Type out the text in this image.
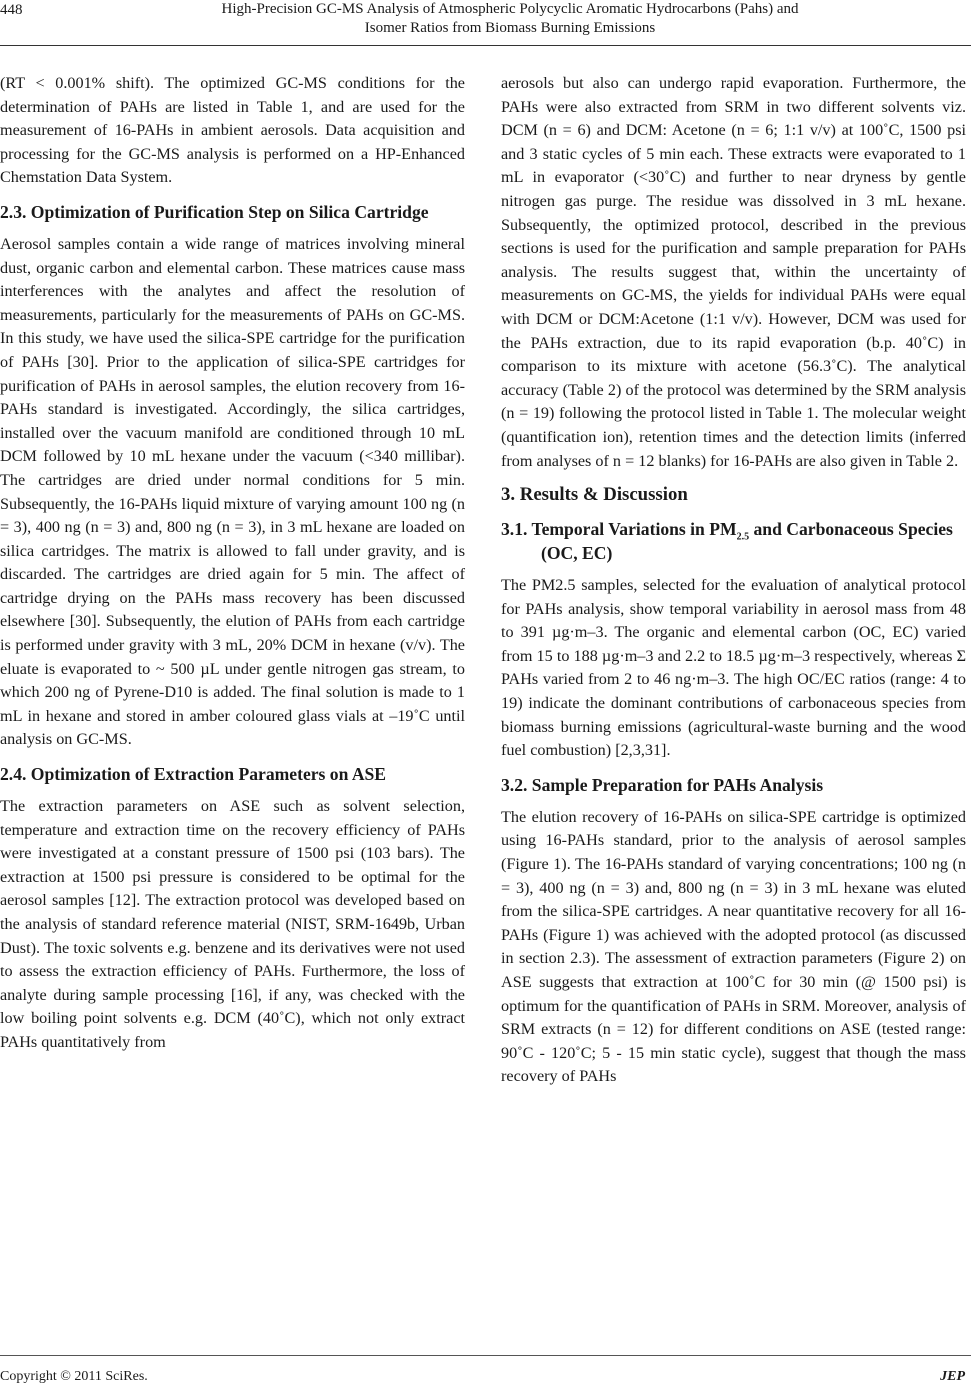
448	High-Precision GC-MS Analysis of Atmospheric Polycyclic Aromatic Hydrocarbons (Pahs) and
Isomer Ratios from Biomass Burning Emissions

(RT < 0.001% shift). The optimized GC-MS conditions for the determination of PAHs are listed in Table 1, and are used for the measurement of 16-PAHs in ambient aerosols. Data acquisition and processing for the GC-MS analysis is performed on a HP-Enhanced Chemstation Data System.

2.3. Optimization of Purification Step on Silica Cartridge

Aerosol samples contain a wide range of matrices involving mineral dust, organic carbon and elemental carbon. These matrices cause mass interferences with the analytes and affect the resolution of measurements, particularly for the measurements of PAHs on GC-MS. In this study, we have used the silica-SPE cartridge for the purification of PAHs [30]. Prior to the application of silica-SPE cartridges for purification of PAHs in aerosol samples, the elution recovery from 16-PAHs standard is investigated. Accordingly, the silica cartridges, installed over the vacuum manifold are conditioned through 10 mL DCM followed by 10 mL hexane under the vacuum (<340 millibar). The cartridges are dried under normal conditions for 5 min. Subsequently, the 16-PAHs liquid mixture of varying amount 100 ng (n = 3), 400 ng (n = 3) and, 800 ng (n = 3), in 3 mL hexane are loaded on silica cartridges. The matrix is allowed to fall under gravity, and is discarded. The cartridges are dried again for 5 min. The affect of cartridge drying on the PAHs mass recovery has been discussed elsewhere [30]. Subsequently, the elution of PAHs from each cartridge is performed under gravity with 3 mL, 20% DCM in hexane (v/v). The eluate is evaporated to ~ 500 µL under gentle nitrogen gas stream, to which 200 ng of Pyrene-D10 is added. The final solution is made to 1 mL in hexane and stored in amber coloured glass vials at –19˚C until analysis on GC-MS.

2.4. Optimization of Extraction Parameters on ASE

The extraction parameters on ASE such as solvent selection, temperature and extraction time on the recovery efficiency of PAHs were investigated at a constant pressure of 1500 psi (103 bars). The extraction at 1500 psi pressure is considered to be optimal for the aerosol samples [12]. The extraction protocol was developed based on the analysis of standard reference material (NIST, SRM-1649b, Urban Dust). The toxic solvents e.g. benzene and its derivatives were not used to assess the extraction efficiency of PAHs. Furthermore, the loss of analyte during sample processing [16], if any, was checked with the low boiling point solvents e.g. DCM (40˚C), which not only extract PAHs quantitatively from

aerosols but also can undergo rapid evaporation. Furthermore, the PAHs were also extracted from SRM in two different solvents viz. DCM (n = 6) and DCM: Acetone (n = 6; 1:1 v/v) at 100˚C, 1500 psi and 3 static cycles of 5 min each. These extracts were evaporated to 1 mL in evaporator (<30˚C) and further to near dryness by gentle nitrogen gas purge. The residue was dissolved in 3 mL hexane. Subsequently, the optimized protocol, described in the previous sections is used for the purification and sample preparation for PAHs analysis. The results suggest that, within the uncertainty of measurements on GC-MS, the yields for individual PAHs were equal with DCM or DCM:Acetone (1:1 v/v). However, DCM was used for the PAHs extraction, due to its rapid evaporation (b.p. 40˚C) in comparison to its mixture with acetone (56.3˚C). The analytical accuracy (Table 2) of the protocol was determined by the SRM analysis (n = 19) following the protocol listed in Table 1. The molecular weight (quantification ion), retention times and the detection limits (inferred from analyses of n = 12 blanks) for 16-PAHs are also given in Table 2.

3. Results & Discussion
3.1. Temporal Variations in $PM_{2.5}$ and Carbonaceous Species (OC, EC)

The PM2.5 samples, selected for the evaluation of analytical protocol for PAHs analysis, show temporal variability in aerosol mass from 48 to 391 µg·m–3. The organic and elemental carbon (OC, EC) varied from 15 to 188 µg·m–3 and 2.2 to 18.5 µg·m–3 respectively, whereas Σ PAHs varied from 2 to 46 ng·m–3. The high OC/EC ratios (range: 4 to 19) indicate the dominant contributions of carbonaceous species from biomass burning emissions (agricultural-waste burning and the wood fuel combustion) [2,3,31].

3.2. Sample Preparation for PAHs Analysis

The elution recovery of 16-PAHs on silica-SPE cartridge is optimized using 16-PAHs standard, prior to the analysis of aerosol samples (Figure 1). The 16-PAHs standard of varying concentrations; 100 ng (n = 3), 400 ng (n = 3) and, 800 ng (n = 3) in 3 mL hexane was eluted from the silica-SPE cartridges. A near quantitative recovery for all 16-PAHs (Figure 1) was achieved with the adopted protocol (as discussed in section 2.3). The assessment of extraction parameters (Figure 2) on ASE suggests that extraction at 100˚C for 30 min (@ 1500 psi) is optimum for the quantification of PAHs in SRM. Moreover, analysis of SRM extracts (n = 12) for different conditions on ASE (tested range: 90˚C - 120˚C; 5 - 15 min static cycle), suggest that though the mass recovery of PAHs

Copyright © 2011 SciRes.	JEP
